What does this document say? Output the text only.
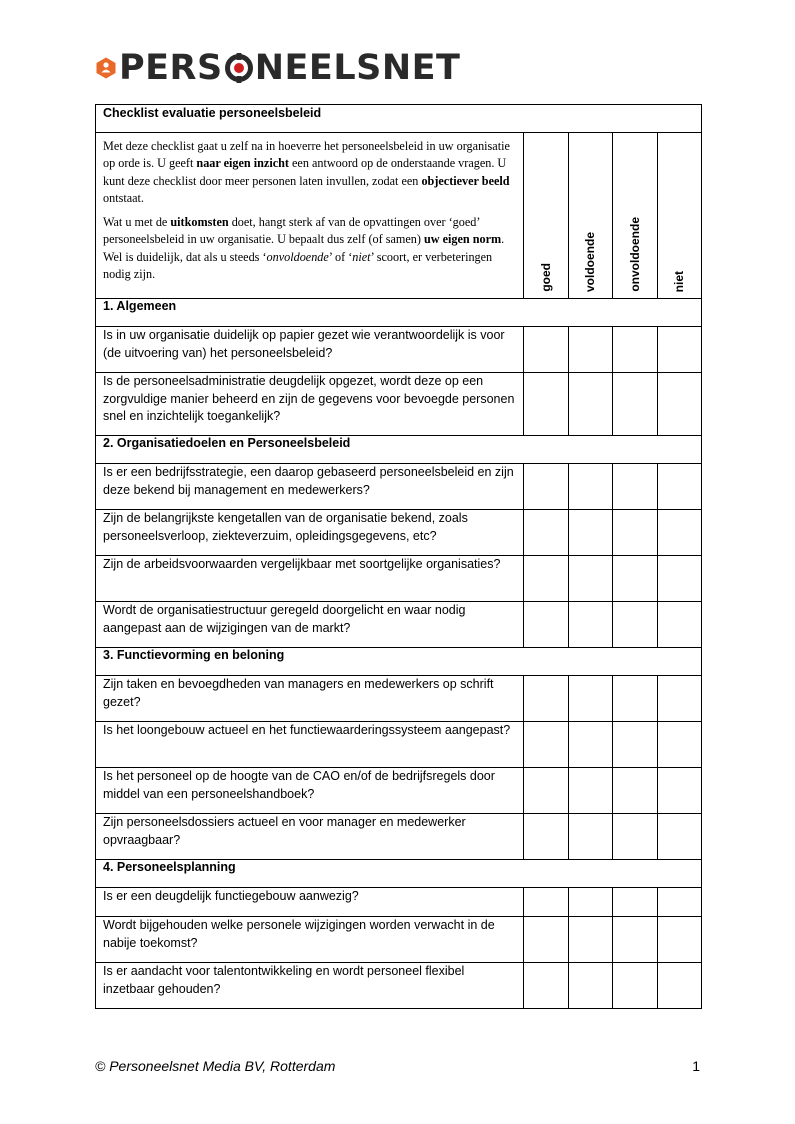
PERS NEELSNET
Checklist evaluatie personeelsbeleid				

Met deze checklist gaat u zelf na in hoeverre het personeelsbeleid in uw organisatie op orde is. U geeft naar eigen inzicht een antwoord op de onderstaande vragen. U kunt deze checklist door meer personen laten invullen, zodat een objectiever beeld ontstaat.

Wat u met de uitkomsten doet, hangt sterk af van de opvattingen over ‘goed’ personeelsbeleid in uw organisatie. U bepaalt dus zelf (of samen) uw eigen norm. Wel is duidelijk, dat als u steeds ‘onvoldoende’ of ‘niet’ scoort, er verbeteringen nodig zijn.	goed	voldoende	onvoldoende	niet

1. Algemeen				

Is in uw organisatie duidelijk op papier gezet wie verantwoordelijk is voor (de uitvoering van) het personeelsbeleid?				

Is de personeelsadministratie deugdelijk opgezet, wordt deze op een zorgvuldige manier beheerd en zijn de gegevens voor bevoegde personen snel en inzichtelijk toegankelijk?				

2. Organisatiedoelen en Personeelsbeleid				

Is er een bedrijfsstrategie, een daarop gebaseerd personeelsbeleid en zijn deze bekend bij management en medewerkers?				

Zijn de belangrijkste kengetallen van de organisatie bekend, zoals personeelsverloop, ziekteverzuim, opleidingsgegevens, etc?				

Zijn de arbeidsvoorwaarden vergelijkbaar met soortgelijke organisaties?				

Wordt de organisatiestructuur geregeld doorgelicht en waar nodig aangepast aan de wijzigingen van de markt?				

3. Functievorming en beloning				

Zijn taken en bevoegdheden van managers en medewerkers op schrift gezet?				

Is het loongebouw actueel en het functiewaarderingssysteem aangepast?				

Is het personeel op de hoogte van de CAO en/of de bedrijfsregels door middel van een personeelshandboek?				

Zijn personeelsdossiers actueel en voor manager en medewerker opvraagbaar?				

4. Personeelsplanning				

Is er een deugdelijk functiegebouw aanwezig?				

Wordt bijgehouden welke personele wijzigingen worden verwacht in de nabije toekomst?				

Is er aandacht voor talentontwikkeling en wordt personeel flexibel inzetbaar gehouden?				

© Personeelsnet Media BV, Rotterdam	1
